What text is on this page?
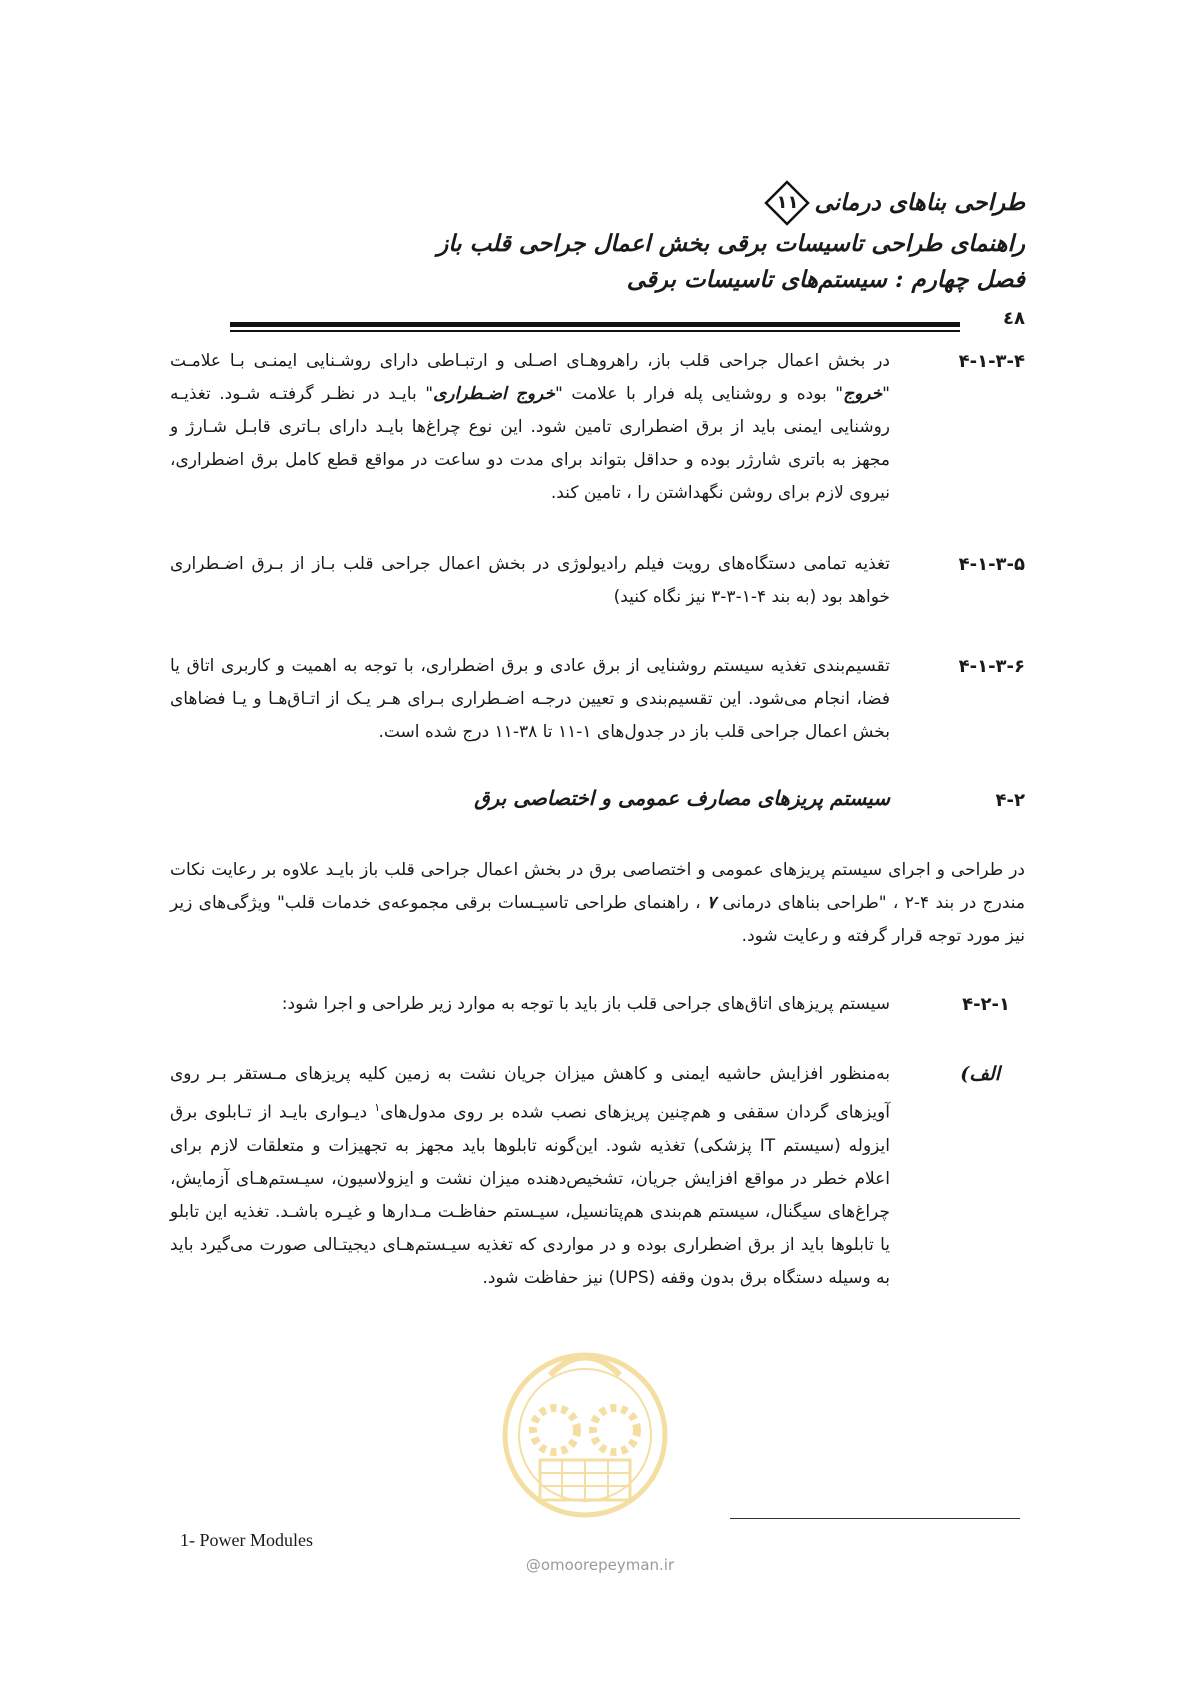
طراحی بناهای درمانی
۱۱
راهنمای طراحی تاسیسات برقی بخش اعمال جراحی قلب باز
فصل چهارم : سیستم‌های تاسیسات برقی
٤٨
۴-۱-۳-۴
در بخش اعمال جراحی قلب باز، راهروهـای اصـلی و ارتبـاطی دارای روشـنایی ایمنـی بـا علامـت "خروج" بوده و روشنایی پله فرار با علامت "خروج اضـطراری" بایـد در نظـر گرفتـه شـود. تغذیـه روشنایی ایمنی باید از برق اضطراری تامین شود. این نوع چراغ‌ها بایـد دارای بـاتری قابـل شـارژ و مجهز به باتری شارژر بوده و حداقل بتواند برای مدت دو ساعت در مواقع قطع کامل برق اضطراری، نیروی لازم برای روشن نگهداشتن را ، تامین کند.
۴-۱-۳-۵
تغذیه تمامی دستگاه‌های رویت فیلم رادیولوژی در بخش اعمال جراحی قلب بـاز از بـرق اضـطراری خواهد بود (به بند ۴-۱-۳-۳ نیز نگاه کنید)
۴-۱-۳-۶
تقسیم‌بندی تغذیه سیستم روشنایی از برق عادی و برق اضطراری، با توجه به اهمیت و کاربری اتاق یا فضا، انجام می‌شود. این تقسیم‌بندی و تعیین درجـه اضـطراری بـرای هـر یـک از اتـاق‌هـا و یـا فضاهای بخش اعمال جراحی قلب باز در جدول‌های ۱-۱۱ تا ۳۸-۱۱ درج شده است.
۴-۲
سیستم پریزهای مصارف عمومی و اختصاصی برق
در طراحی و اجرای سیستم پریزهای عمومی و اختصاصی برق در بخش اعمال جراحی قلب باز بایـد علاوه بر رعایت نکات مندرج در بند ۴-۲ ، "طراحی بناهای درمانی ۷ ، راهنمای طراحی تاسیـسات برقی مجموعه‌ی خدمات قلب" ویژگی‌های زیر نیز مورد توجه قرار گرفته و رعایت شود.
۴-۲-۱
سیستم پریزهای اتاق‌های جراحی قلب باز باید با توجه به موارد زیر طراحی و اجرا شود:
الف)
به‌منظور افزایش حاشیه ایمنی و کاهش میزان جریان نشت به زمین کلیه پریزهای مـستقر بـر روی آویزهای گردان سقفی و هم‌چنین پریزهای نصب شده بر روی مدول‌های$^۱$ دیـواری بایـد از تـابلوی برق ایزوله (سیستم IT پزشکی) تغذیه شود. این‌گونه تابلوها باید مجهز به تجهیزات و متعلقات لازم برای اعلام خطر در مواقع افزایش جریان، تشخیص‌دهنده میزان نشت و ایزولاسیون، سیـستم‌هـای آزمایش، چراغ‌های سیگنال، سیستم هم‌بندی هم‌پتانسیل، سیـستم حفاظـت مـدارها و غیـره باشـد. تغذیه این تابلو یا تابلوها باید از برق اضطراری بوده و در مواردی که تغذیه سیـستم‌هـای دیجیتـالی صورت می‌گیرد باید به وسیله دستگاه برق بدون وقفه (UPS) نیز حفاظت شود.
@omoorepeyman.ir
1- Power Modules
